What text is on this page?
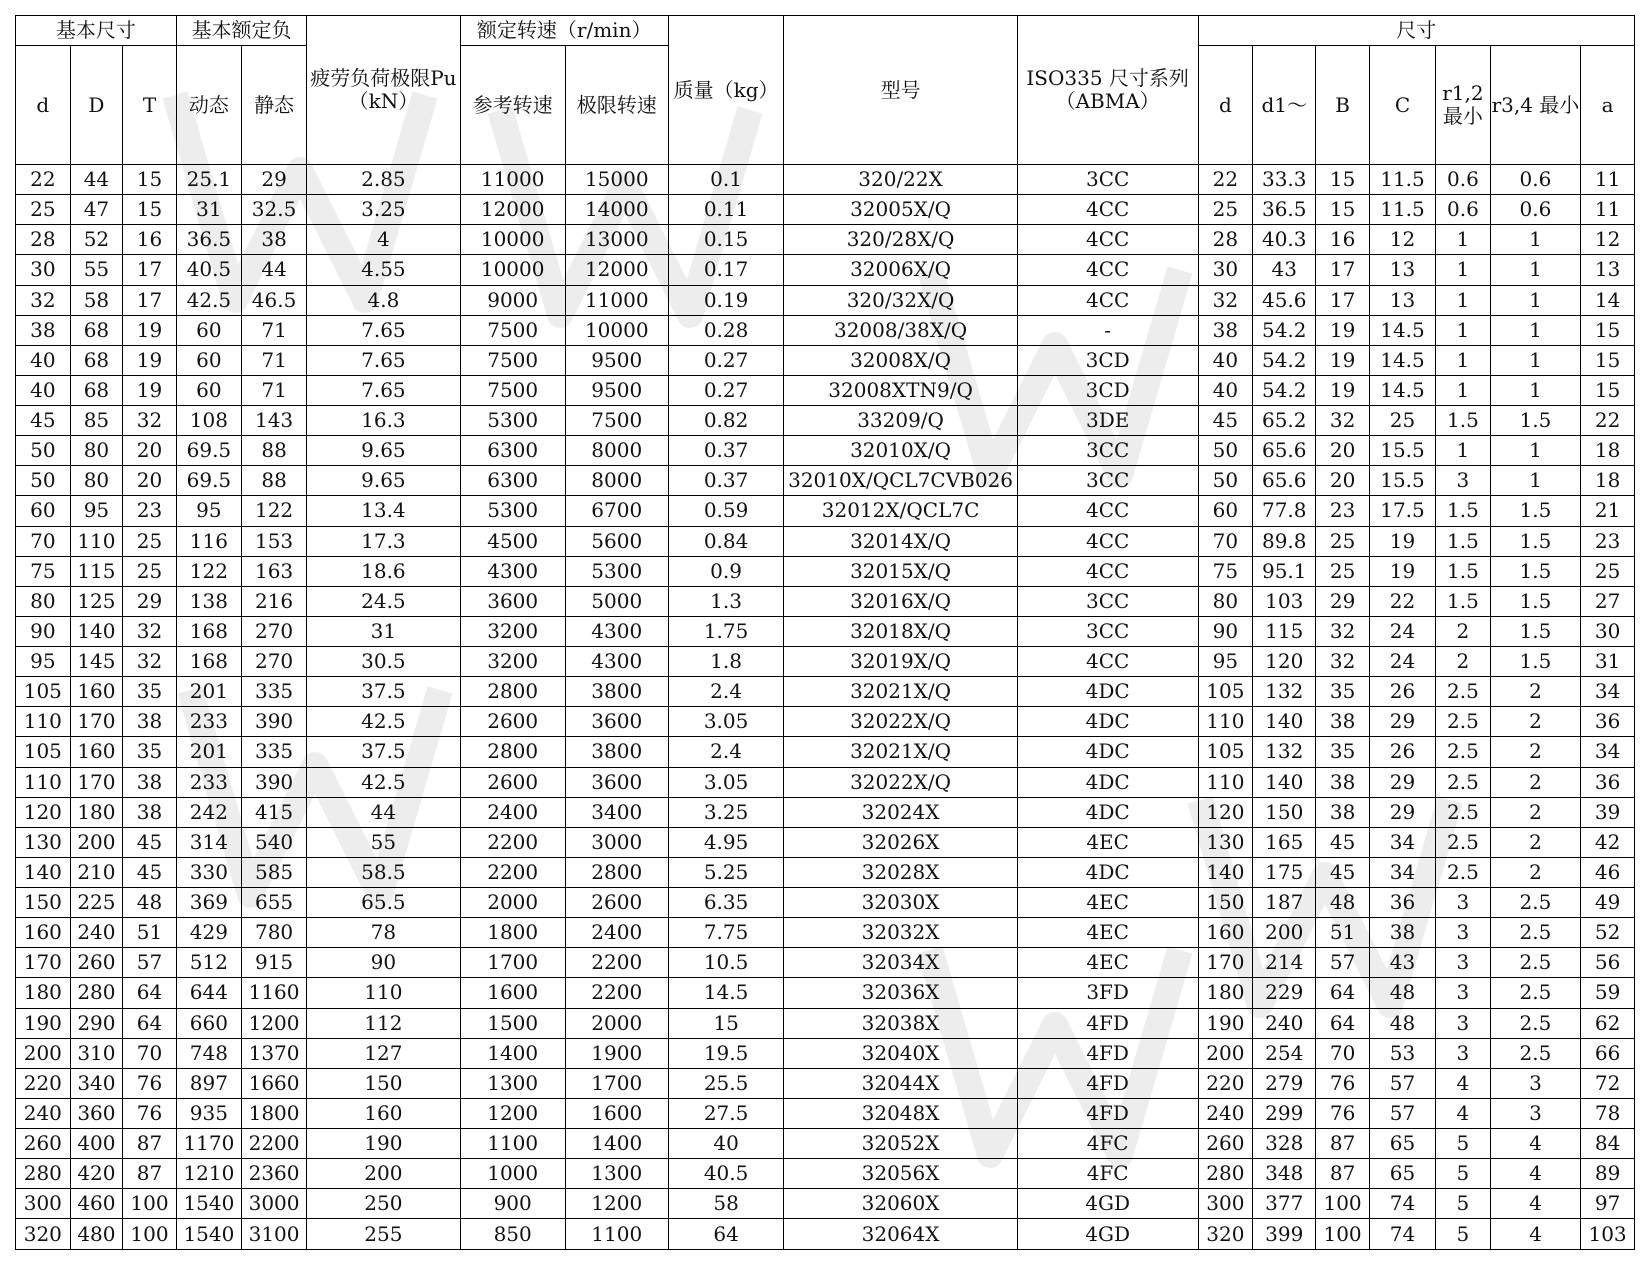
基本尺寸			基本额定负		疲劳负荷极限Pu（kN）	额定转速（r/min）		质量（kg）	型号	ISO335 尺寸系列（ABMA）	尺寸						
d	D	T	动态	静态		参考转速	极限转速				d	d1～	B	C	r1,2最小	r3,4 最小	a
22	44	15	25.1	29	2.85	11000	15000	0.1	320/22X	3CC	22	33.3	15	11.5	0.6	0.6	11
25	47	15	31	32.5	3.25	12000	14000	0.11	32005X/Q	4CC	25	36.5	15	11.5	0.6	0.6	11
28	52	16	36.5	38	4	10000	13000	0.15	320/28X/Q	4CC	28	40.3	16	12	1	1	12
30	55	17	40.5	44	4.55	10000	12000	0.17	32006X/Q	4CC	30	43	17	13	1	1	13
32	58	17	42.5	46.5	4.8	9000	11000	0.19	320/32X/Q	4CC	32	45.6	17	13	1	1	14
38	68	19	60	71	7.65	7500	10000	0.28	32008/38X/Q	-	38	54.2	19	14.5	1	1	15
40	68	19	60	71	7.65	7500	9500	0.27	32008X/Q	3CD	40	54.2	19	14.5	1	1	15
40	68	19	60	71	7.65	7500	9500	0.27	32008XTN9/Q	3CD	40	54.2	19	14.5	1	1	15
45	85	32	108	143	16.3	5300	7500	0.82	33209/Q	3DE	45	65.2	32	25	1.5	1.5	22
50	80	20	69.5	88	9.65	6300	8000	0.37	32010X/Q	3CC	50	65.6	20	15.5	1	1	18
50	80	20	69.5	88	9.65	6300	8000	0.37	32010X/QCL7CVB026	3CC	50	65.6	20	15.5	3	1	18
60	95	23	95	122	13.4	5300	6700	0.59	32012X/QCL7C	4CC	60	77.8	23	17.5	1.5	1.5	21
70	110	25	116	153	17.3	4500	5600	0.84	32014X/Q	4CC	70	89.8	25	19	1.5	1.5	23
75	115	25	122	163	18.6	4300	5300	0.9	32015X/Q	4CC	75	95.1	25	19	1.5	1.5	25
80	125	29	138	216	24.5	3600	5000	1.3	32016X/Q	3CC	80	103	29	22	1.5	1.5	27
90	140	32	168	270	31	3200	4300	1.75	32018X/Q	3CC	90	115	32	24	2	1.5	30
95	145	32	168	270	30.5	3200	4300	1.8	32019X/Q	4CC	95	120	32	24	2	1.5	31
105	160	35	201	335	37.5	2800	3800	2.4	32021X/Q	4DC	105	132	35	26	2.5	2	34
110	170	38	233	390	42.5	2600	3600	3.05	32022X/Q	4DC	110	140	38	29	2.5	2	36
105	160	35	201	335	37.5	2800	3800	2.4	32021X/Q	4DC	105	132	35	26	2.5	2	34
110	170	38	233	390	42.5	2600	3600	3.05	32022X/Q	4DC	110	140	38	29	2.5	2	36
120	180	38	242	415	44	2400	3400	3.25	32024X	4DC	120	150	38	29	2.5	2	39
130	200	45	314	540	55	2200	3000	4.95	32026X	4EC	130	165	45	34	2.5	2	42
140	210	45	330	585	58.5	2200	2800	5.25	32028X	4DC	140	175	45	34	2.5	2	46
150	225	48	369	655	65.5	2000	2600	6.35	32030X	4EC	150	187	48	36	3	2.5	49
160	240	51	429	780	78	1800	2400	7.75	32032X	4EC	160	200	51	38	3	2.5	52
170	260	57	512	915	90	1700	2200	10.5	32034X	4EC	170	214	57	43	3	2.5	56
180	280	64	644	1160	110	1600	2200	14.5	32036X	3FD	180	229	64	48	3	2.5	59
190	290	64	660	1200	112	1500	2000	15	32038X	4FD	190	240	64	48	3	2.5	62
200	310	70	748	1370	127	1400	1900	19.5	32040X	4FD	200	254	70	53	3	2.5	66
220	340	76	897	1660	150	1300	1700	25.5	32044X	4FD	220	279	76	57	4	3	72
240	360	76	935	1800	160	1200	1600	27.5	32048X	4FD	240	299	76	57	4	3	78
260	400	87	1170	2200	190	1100	1400	40	32052X	4FC	260	328	87	65	5	4	84
280	420	87	1210	2360	200	1000	1300	40.5	32056X	4FC	280	348	87	65	5	4	89
300	460	100	1540	3000	250	900	1200	58	32060X	4GD	300	377	100	74	5	4	97
320	480	100	1540	3100	255	850	1100	64	32064X	4GD	320	399	100	74	5	4	103
